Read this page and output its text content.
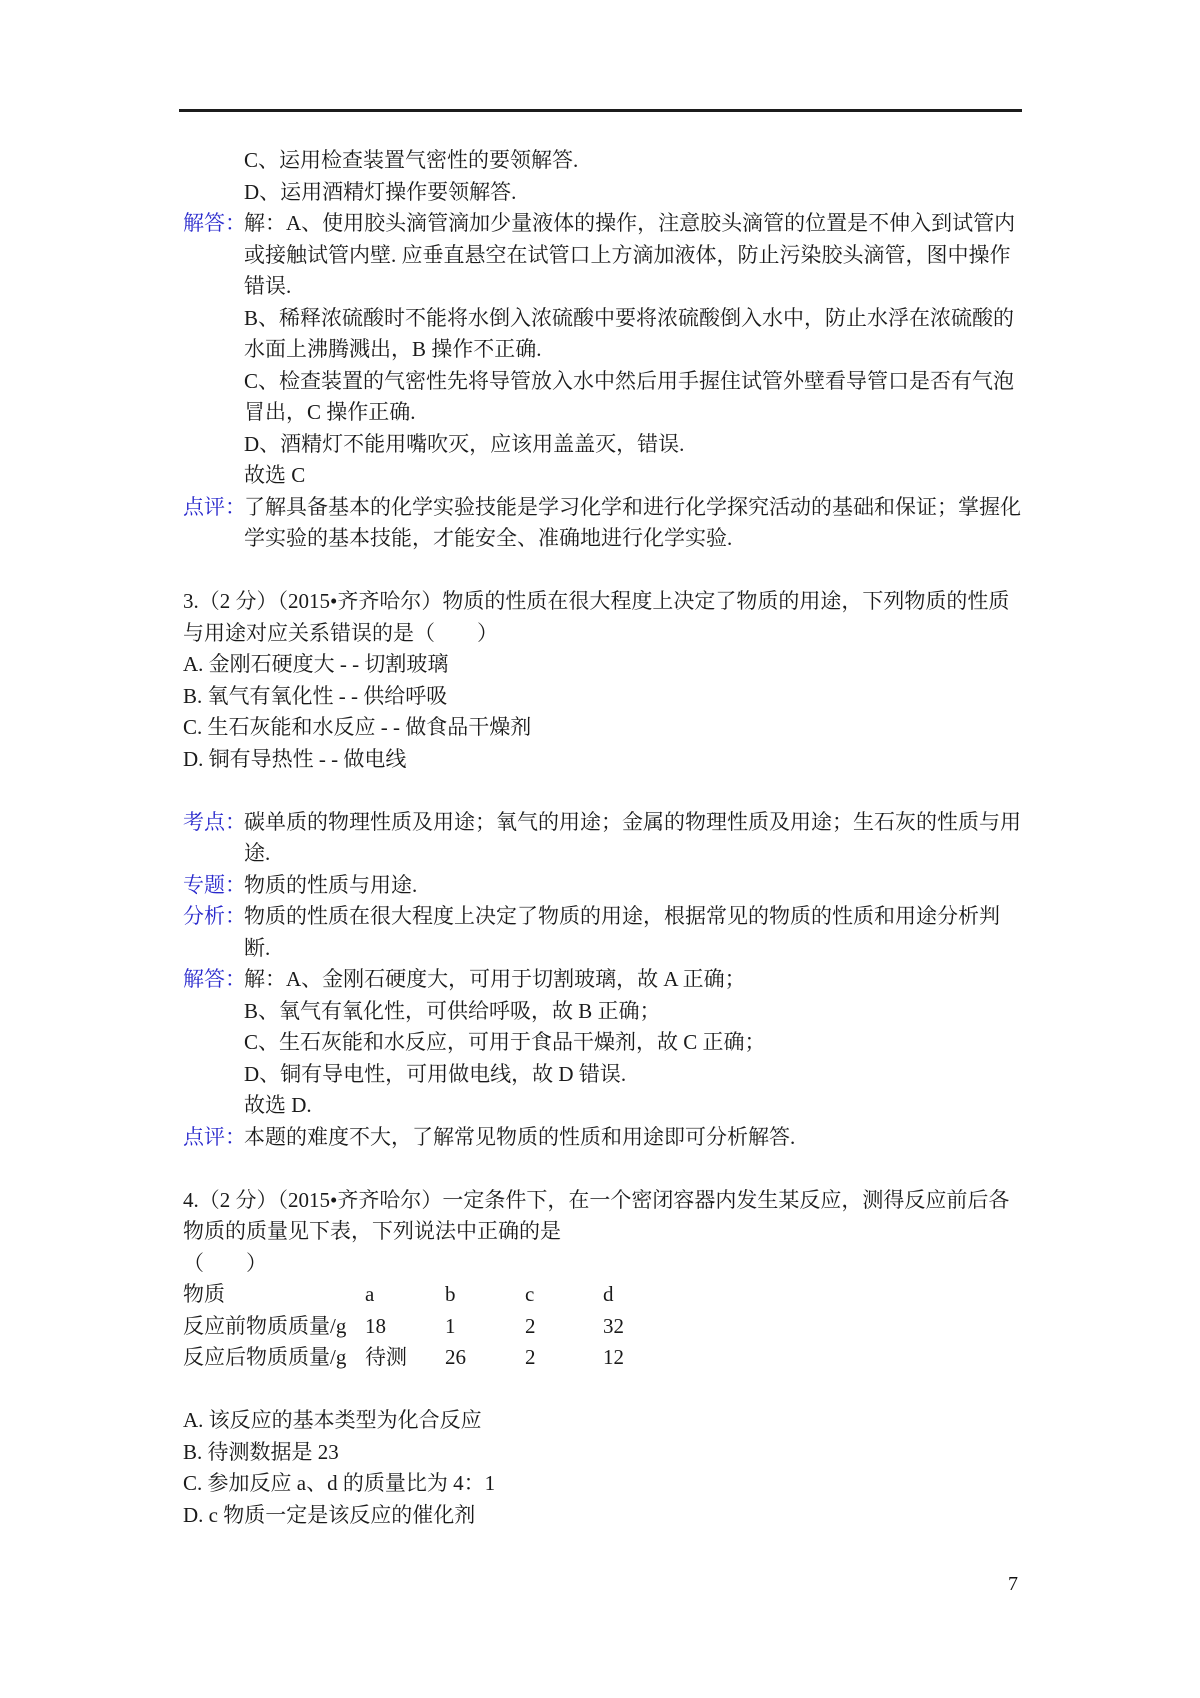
C、运用检查装置气密性的要领解答.
D、运用酒精灯操作要领解答.
解答：解：A、使用胶头滴管滴加少量液体的操作，注意胶头滴管的位置是不伸入到试管内
或接触试管内壁. 应垂直悬空在试管口上方滴加液体，防止污染胶头滴管，图中操作
错误.
B、稀释浓硫酸时不能将水倒入浓硫酸中要将浓硫酸倒入水中，防止水浮在浓硫酸的
水面上沸腾溅出，B 操作不正确.
C、检查装置的气密性先将导管放入水中然后用手握住试管外壁看导管口是否有气泡
冒出，C 操作正确.
D、酒精灯不能用嘴吹灭，应该用盖盖灭，错误.
故选 C
点评：了解具备基本的化学实验技能是学习化学和进行化学探究活动的基础和保证；掌握化
学实验的基本技能，才能安全、准确地进行化学实验.
3.（2 分）（2015•齐齐哈尔）物质的性质在很大程度上决定了物质的用途，下列物质的性质
与用途对应关系错误的是（　　）
A. 金刚石硬度大 - - 切割玻璃
B. 氧气有氧化性 - - 供给呼吸
C. 生石灰能和水反应 - - 做食品干燥剂
D. 铜有导热性 - - 做电线
考点：碳单质的物理性质及用途；氧气的用途；金属的物理性质及用途；生石灰的性质与用
途.
专题：物质的性质与用途.
分析：物质的性质在很大程度上决定了物质的用途，根据常见的物质的性质和用途分析判
断.
解答：解：A、金刚石硬度大，可用于切割玻璃，故 A 正确；
B、氧气有氧化性，可供给呼吸，故 B 正确；
C、生石灰能和水反应，可用于食品干燥剂，故 C 正确；
D、铜有导电性，可用做电线，故 D 错误.
故选 D.
点评：本题的难度不大，了解常见物质的性质和用途即可分析解答.
4.（2 分）（2015•齐齐哈尔）一定条件下，在一个密闭容器内发生某反应，测得反应前后各
物质的质量见下表，下列说法中正确的是
（　　）
物质	a	b	c	d
反应前物质质量/g 18	1	2	32
反应后物质质量/g 待测 26	2	12
A. 该反应的基本类型为化合反应
B. 待测数据是 23
C. 参加反应 a、d 的质量比为 4：1
D. c 物质一定是该反应的催化剂
7
